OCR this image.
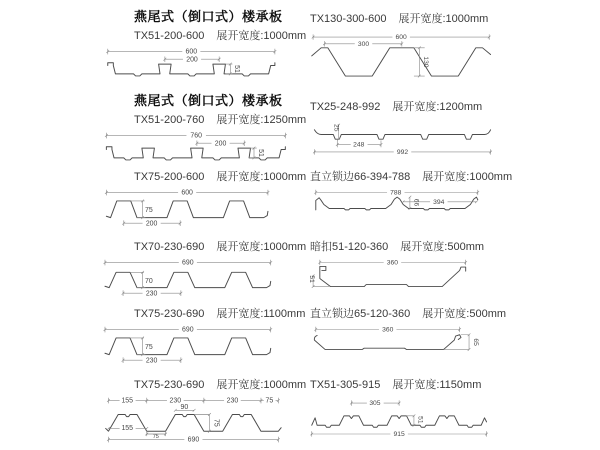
燕尾式（倒口式）楼承板
TX51-200-600 展开宽度:1000mm
600
200
51
燕尾式（倒口式）楼承板
TX51-200-760 展开宽度:1250mm
760
200
51
TX75-200-600 展开宽度:1000mm
600
75
200
TX70-230-690 展开宽度:1000mm
690
70
230
TX75-230-690 展开宽度:1100mm
690
75
230
TX75-230-690 展开宽度:1000mm
155	230	230	75
90
155
75
75
690
TX130-300-600 展开宽度:1000mm
600
300
130
TX25-248-992 展开宽度:1200mm
25
248
992
直立锁边66-394-788 展开宽度:1000mm
788
394
66
暗扣51-120-360 展开宽度:500mm
360
51
直立锁边65-120-360 展开宽度:500mm
360
65
TX51-305-915 展开宽度:1150mm
305
51
915
